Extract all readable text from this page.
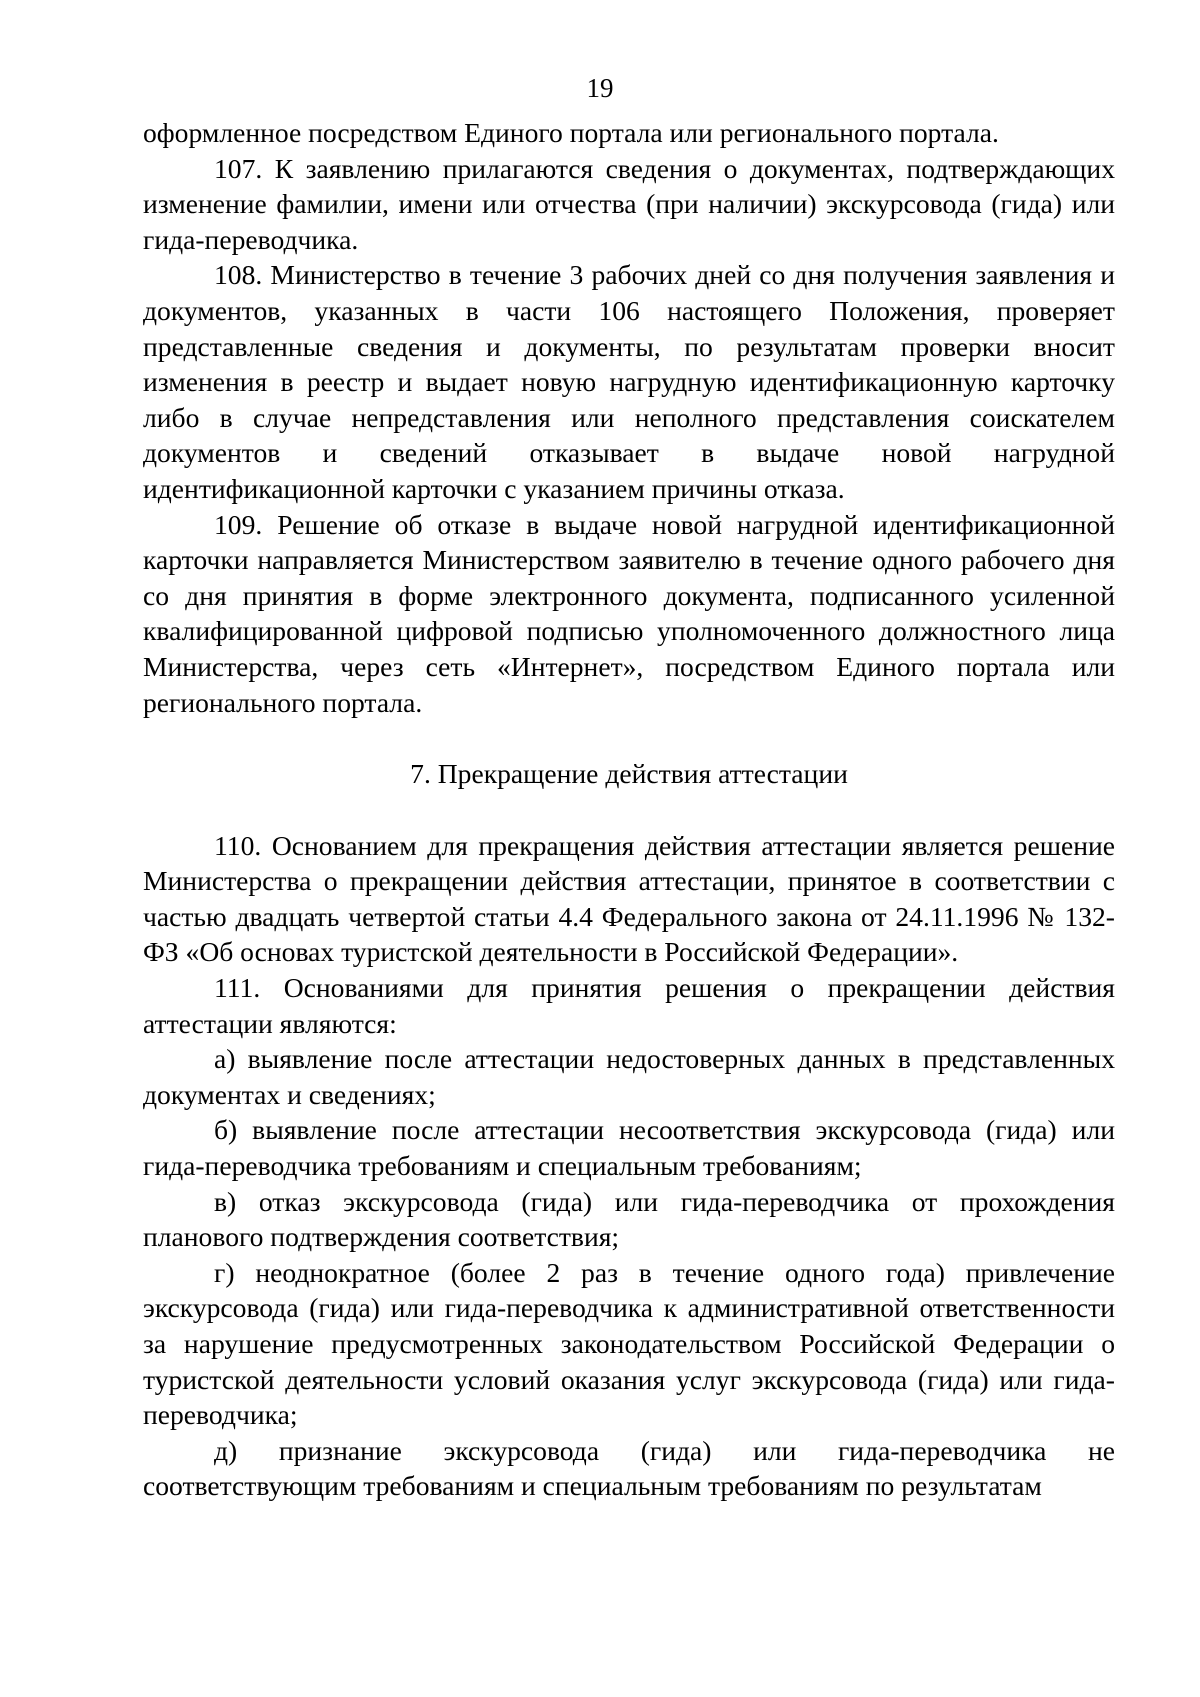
19

оформленное посредством Единого портала или регионального портала.

107. К заявлению прилагаются сведения о документах, подтверждающих изменение фамилии, имени или отчества (при наличии) экскурсовода (гида) или гида-переводчика.

108. Министерство в течение 3 рабочих дней со дня получения заявления и документов, указанных в части 106 настоящего Положения, проверяет представленные сведения и документы, по результатам проверки вносит изменения в реестр и выдает новую нагрудную идентификационную карточку либо в случае непредставления или неполного представления соискателем документов и сведений отказывает в выдаче новой нагрудной идентификационной карточки с указанием причины отказа.

109. Решение об отказе в выдаче новой нагрудной идентификационной карточки направляется Министерством заявителю в течение одного рабочего дня со дня принятия в форме электронного документа, подписанного усиленной квалифицированной цифровой подписью уполномоченного должностного лица Министерства, через сеть «Интернет», посредством Единого портала или регионального портала.

7. Прекращение действия аттестации

110. Основанием для прекращения действия аттестации является решение Министерства о прекращении действия аттестации, принятое в соответствии с частью двадцать четвертой статьи 4.4 Федерального закона от 24.11.1996 № 132-ФЗ «Об основах туристской деятельности в Российской Федерации».

111. Основаниями для принятия решения о прекращении действия аттестации являются:

а) выявление после аттестации недостоверных данных в представленных документах и сведениях;

б) выявление после аттестации несоответствия экскурсовода (гида) или гида-переводчика требованиям и специальным требованиям;

в) отказ экскурсовода (гида) или гида-переводчика от прохождения планового подтверждения соответствия;

г) неоднократное (более 2 раз в течение одного года) привлечение экскурсовода (гида) или гида-переводчика к административной ответственности за нарушение предусмотренных законодательством Российской Федерации о туристской деятельности условий оказания услуг экскурсовода (гида) или гида-переводчика;

д) признание экскурсовода (гида) или гида-переводчика не соответствующим требованиям и специальным требованиям по результатам
